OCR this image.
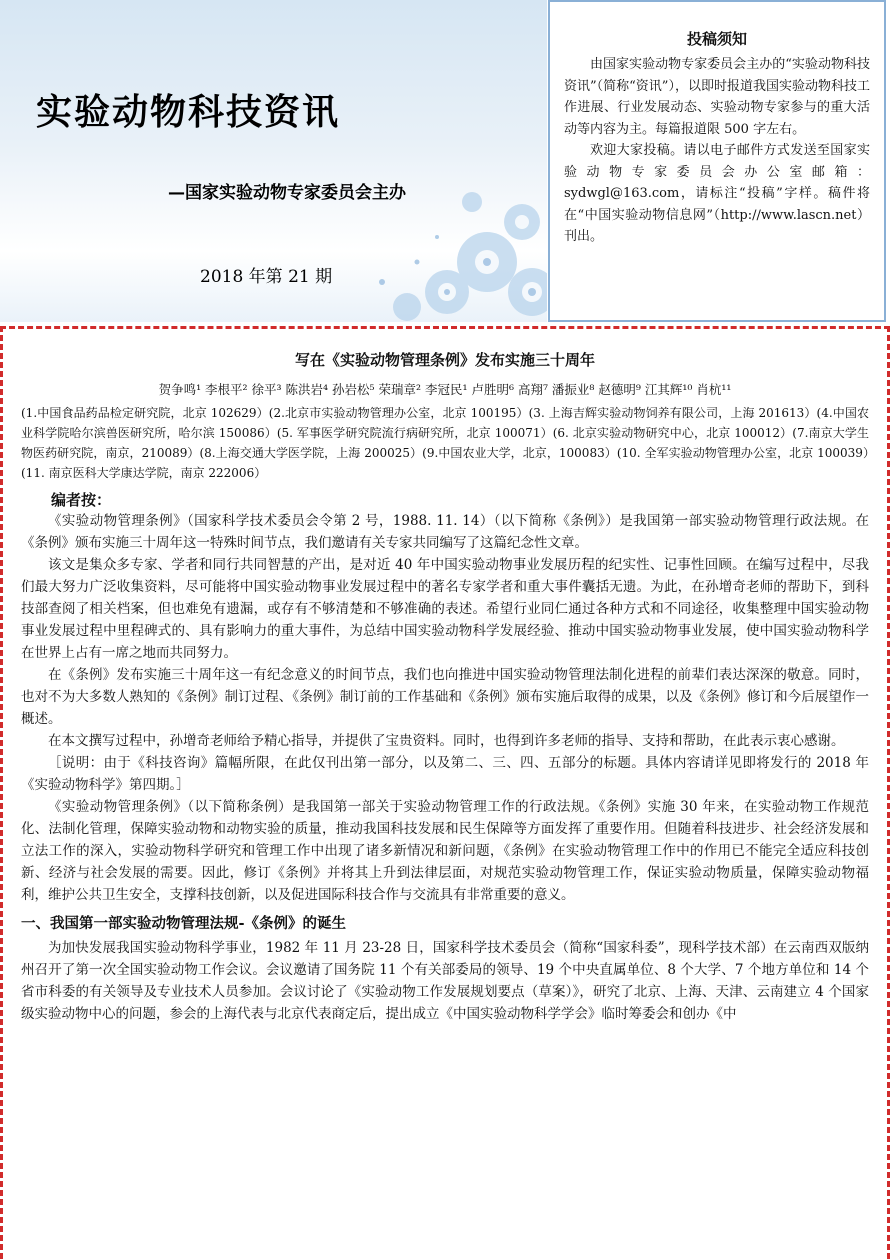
实验动物科技资讯
—国家实验动物专家委员会主办
2018 年第 21 期
投稿须知

由国家实验动物专家委员会主办的“实验动物科技资讯”（简称“资讯”），以即时报道我国实验动物科技工作进展、行业发展动态、实验动物专家参与的重大活动等内容为主。每篇报道限 500 字左右。

欢迎大家投稿。请以电子邮件方式发送至国家实验动物专家委员会办公室邮箱：sydwgl@163.com，请标注“投稿”字样。稿件将在“中国实验动物信息网”（http://www.lascn.net）刊出。

写在《实验动物管理条例》发布实施三十周年

贺争鸣¹ 李根平² 徐平³ 陈洪岩⁴ 孙岩松⁵ 荣瑞章² 李冠民¹ 卢胜明⁶ 高翔⁷ 潘振业⁸ 赵德明⁹ 江其辉¹⁰ 肖杭¹¹

(1.中国食品药品检定研究院，北京 102629）(2.北京市实验动物管理办公室，北京 100195）(3. 上海吉辉实验动物饲养有限公司，上海 201613）(4.中国农业科学院哈尔滨兽医研究所，哈尔滨 150086）(5. 军事医学研究院流行病研究所，北京 100071）(6. 北京实验动物研究中心，北京 100012）(7.南京大学生物医药研究院，南京，210089）(8.上海交通大学医学院，上海 200025）(9.中国农业大学，北京，100083）(10. 全军实验动物管理办公室，北京 100039）(11. 南京医科大学康达学院，南京 222006）

编者按：

《实验动物管理条例》（国家科学技术委员会令第 2 号，1988. 11. 14）（以下简称《条例》）是我国第一部实验动物管理行政法规。在《条例》颁布实施三十周年这一特殊时间节点，我们邀请有关专家共同编写了这篇纪念性文章。

该文是集众多专家、学者和同行共同智慧的产出，是对近 40 年中国实验动物事业发展历程的纪实性、记事性回顾。在编写过程中，尽我们最大努力广泛收集资料，尽可能将中国实验动物事业发展过程中的著名专家学者和重大事件囊括无遗。为此，在孙增奇老师的帮助下，到科技部查阅了相关档案，但也难免有遗漏，或存有不够清楚和不够准确的表述。希望行业同仁通过各种方式和不同途径，收集整理中国实验动物事业发展过程中里程碑式的、具有影响力的重大事件，为总结中国实验动物科学发展经验、推动中国实验动物事业发展，使中国实验动物科学在世界上占有一席之地而共同努力。

在《条例》发布实施三十周年这一有纪念意义的时间节点，我们也向推进中国实验动物管理法制化进程的前辈们表达深深的敬意。同时，也对不为大多数人熟知的《条例》制订过程、《条例》制订前的工作基础和《条例》颁布实施后取得的成果，以及《条例》修订和今后展望作一概述。

在本文撰写过程中，孙增奇老师给予精心指导，并提供了宝贵资料。同时，也得到许多老师的指导、支持和帮助，在此表示衷心感谢。

［说明：由于《科技咨询》篇幅所限，在此仅刊出第一部分，以及第二、三、四、五部分的标题。具体内容请详见即将发行的 2018 年《实验动物科学》第四期。］

《实验动物管理条例》（以下简称条例）是我国第一部关于实验动物管理工作的行政法规。《条例》实施 30 年来，在实验动物工作规范化、法制化管理，保障实验动物和动物实验的质量，推动我国科技发展和民生保障等方面发挥了重要作用。但随着科技进步、社会经济发展和立法工作的深入，实验动物科学研究和管理工作中出现了诸多新情况和新问题，《条例》在实验动物管理工作中的作用已不能完全适应科技创新、经济与社会发展的需要。因此，修订《条例》并将其上升到法律层面，对规范实验动物管理工作，保证实验动物质量，保障实验动物福利，维护公共卫生安全，支撑科技创新，以及促进国际科技合作与交流具有非常重要的意义。

一、我国第一部实验动物管理法规-《条例》的诞生

为加快发展我国实验动物科学事业，1982 年 11 月 23-28 日，国家科学技术委员会（简称“国家科委”，现科学技术部）在云南西双版纳州召开了第一次全国实验动物工作会议。会议邀请了国务院 11 个有关部委局的领导、19 个中央直属单位、8 个大学、7 个地方单位和 14 个省市科委的有关领导及专业技术人员参加。会议讨论了《实验动物工作发展规划要点（草案）》，研究了北京、上海、天津、云南建立 4 个国家级实验动物中心的问题，参会的上海代表与北京代表商定后，提出成立《中国实验动物科学学会》临时筹委会和创办《中
